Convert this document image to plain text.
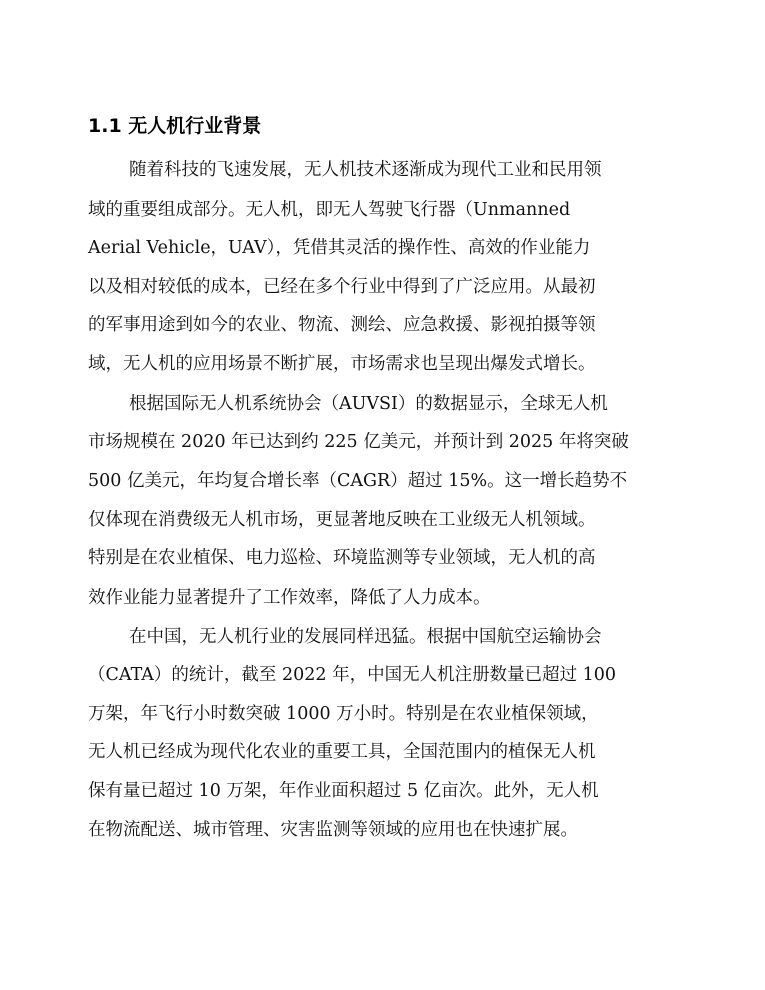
1.1 无人机行业背景
随着科技的飞速发展，无人机技术逐渐成为现代工业和民用领
域的重要组成部分。无人机，即无人驾驶飞行器（Unmanned
Aerial Vehicle，UAV），凭借其灵活的操作性、高效的作业能力
以及相对较低的成本，已经在多个行业中得到了广泛应用。从最初
的军事用途到如今的农业、物流、测绘、应急救援、影视拍摄等领
域，无人机的应用场景不断扩展，市场需求也呈现出爆发式增长。
根据国际无人机系统协会（AUVSI）的数据显示，全球无人机
市场规模在 2020 年已达到约 225 亿美元，并预计到 2025 年将突破
500 亿美元，年均复合增长率（CAGR）超过 15%。这一增长趋势不
仅体现在消费级无人机市场，更显著地反映在工业级无人机领域。
特别是在农业植保、电力巡检、环境监测等专业领域，无人机的高
效作业能力显著提升了工作效率，降低了人力成本。
在中国，无人机行业的发展同样迅猛。根据中国航空运输协会
（CATA）的统计，截至 2022 年，中国无人机注册数量已超过 100
万架，年飞行小时数突破 1000 万小时。特别是在农业植保领域，
无人机已经成为现代化农业的重要工具，全国范围内的植保无人机
保有量已超过 10 万架，年作业面积超过 5 亿亩次。此外，无人机
在物流配送、城市管理、灾害监测等领域的应用也在快速扩展。
